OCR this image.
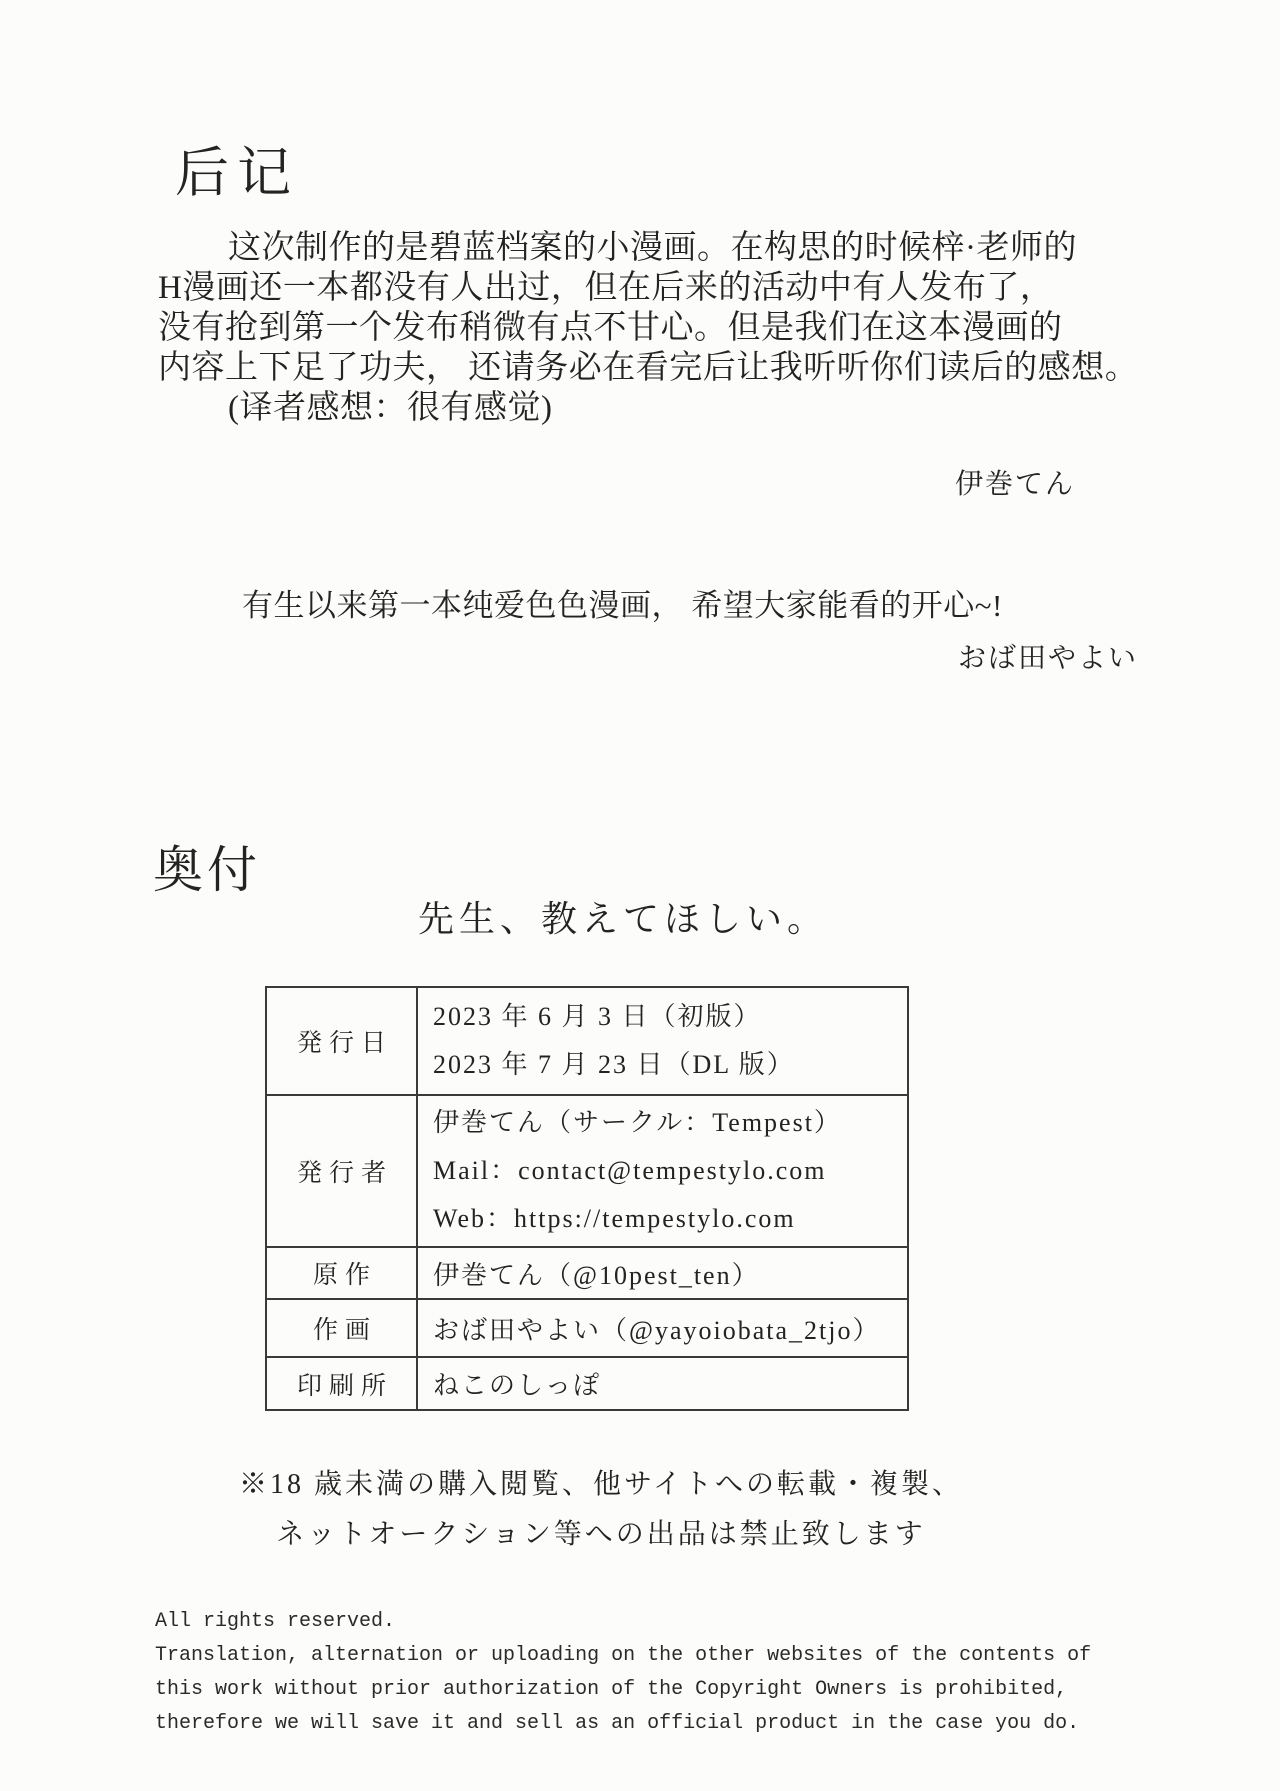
后记
这次制作的是碧蓝档案的小漫画。在构思的时候梓·老师的
H漫画还一本都没有人出过，但在后来的活动中有人发布了，
没有抢到第一个发布稍微有点不甘心。但是我们在这本漫画的
内容上下足了功夫， 还请务必在看完后让我听听你们读后的感想。
(译者感想：很有感觉)
伊巻てん
有生以来第一本纯爱色色漫画， 希望大家能看的开心~!
おば田やよい
奥付
先生、教えてほしい。
発行日	2023 年 6 月 3 日（初版）
2023 年 7 月 23 日（DL 版）

発行者	伊巻てん（サークル：Tempest）
Mail：contact@tempestylo.com
Web：https://tempestylo.com

原作	伊巻てん（@10pest_ten）

作画	おば田やよい（@yayoiobata_2tjo）

印刷所	ねこのしっぽ
※18 歳未満の購入閲覧、他サイトへの転載・複製、
ネットオークション等への出品は禁止致します
All rights reserved.
Translation, alternation or uploading on the other websites of the contents of
this work without prior authorization of the Copyright Owners is prohibited,
therefore we will save it and sell as an official product in the case you do.
